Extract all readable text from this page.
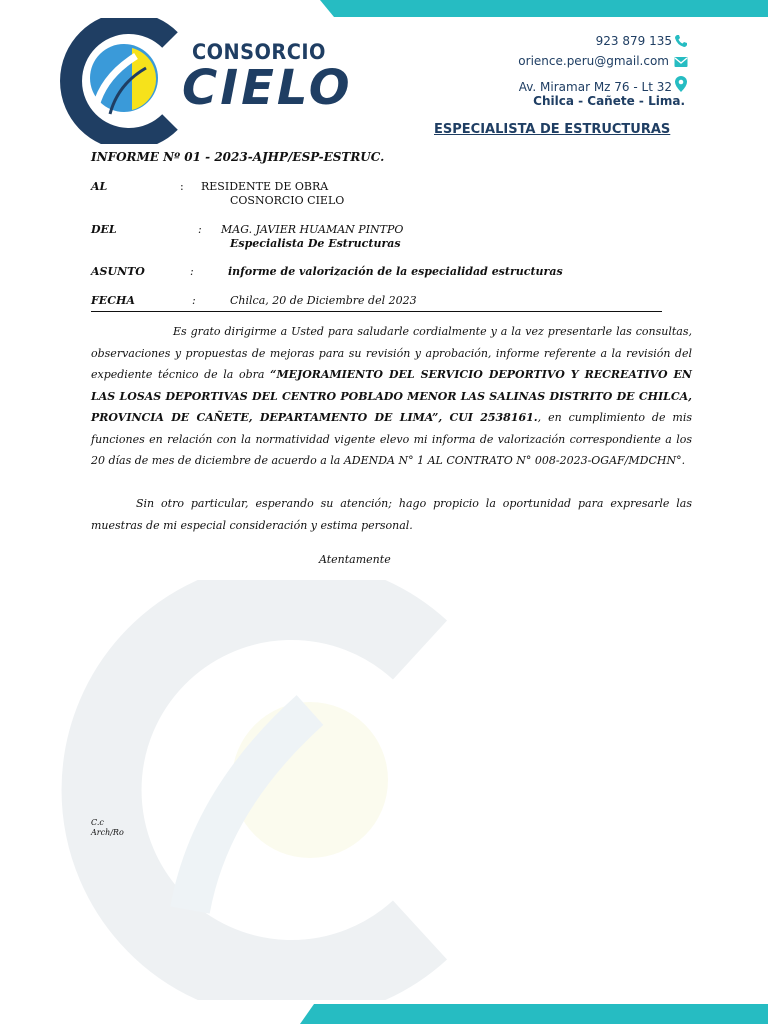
CONSORCIO
CIELO
923 879 135
orience.peru@gmail.com
Av. Miramar Mz 76 - Lt 32
Chilca - Cañete - Lima.
ESPECIALISTA DE ESTRUCTURAS
INFORME Nº 01 - 2023-AJHP/ESP-ESTRUC.
AL	: RESIDENTE DE OBRA
COSNORCIO CIELO
DEL	: MAG. JAVIER HUAMAN PINTPO
Especialista De Estructuras
ASUNTO	:	informe de valorización de la especialidad estructuras
FECHA	:	Chilca, 20 de Diciembre del 2023
Es grato dirigirme a Usted para saludarle cordialmente y a la vez presentarle las consultas, observaciones y propuestas de mejoras para su revisión y aprobación, informe referente a la revisión del expediente técnico de la obra “MEJORAMIENTO DEL SERVICIO DEPORTIVO Y RECREATIVO EN LAS LOSAS DEPORTIVAS DEL CENTRO POBLADO MENOR LAS SALINAS DISTRITO DE CHILCA, PROVINCIA DE CAÑETE, DEPARTAMENTO DE LIMA”, CUI 2538161., en cumplimiento de mis funciones en relación con la normatividad vigente elevo mi informa de valorización correspondiente a los 20 días de mes de diciembre de acuerdo a la ADENDA N° 1 AL CONTRATO N° 008-2023-OGAF/MDCHN°.
Sin otro particular, esperando su atención; hago propicio la oportunidad para expresarle las muestras de mi especial consideración y estima personal.
Atentamente
C.c
Arch/Ro
